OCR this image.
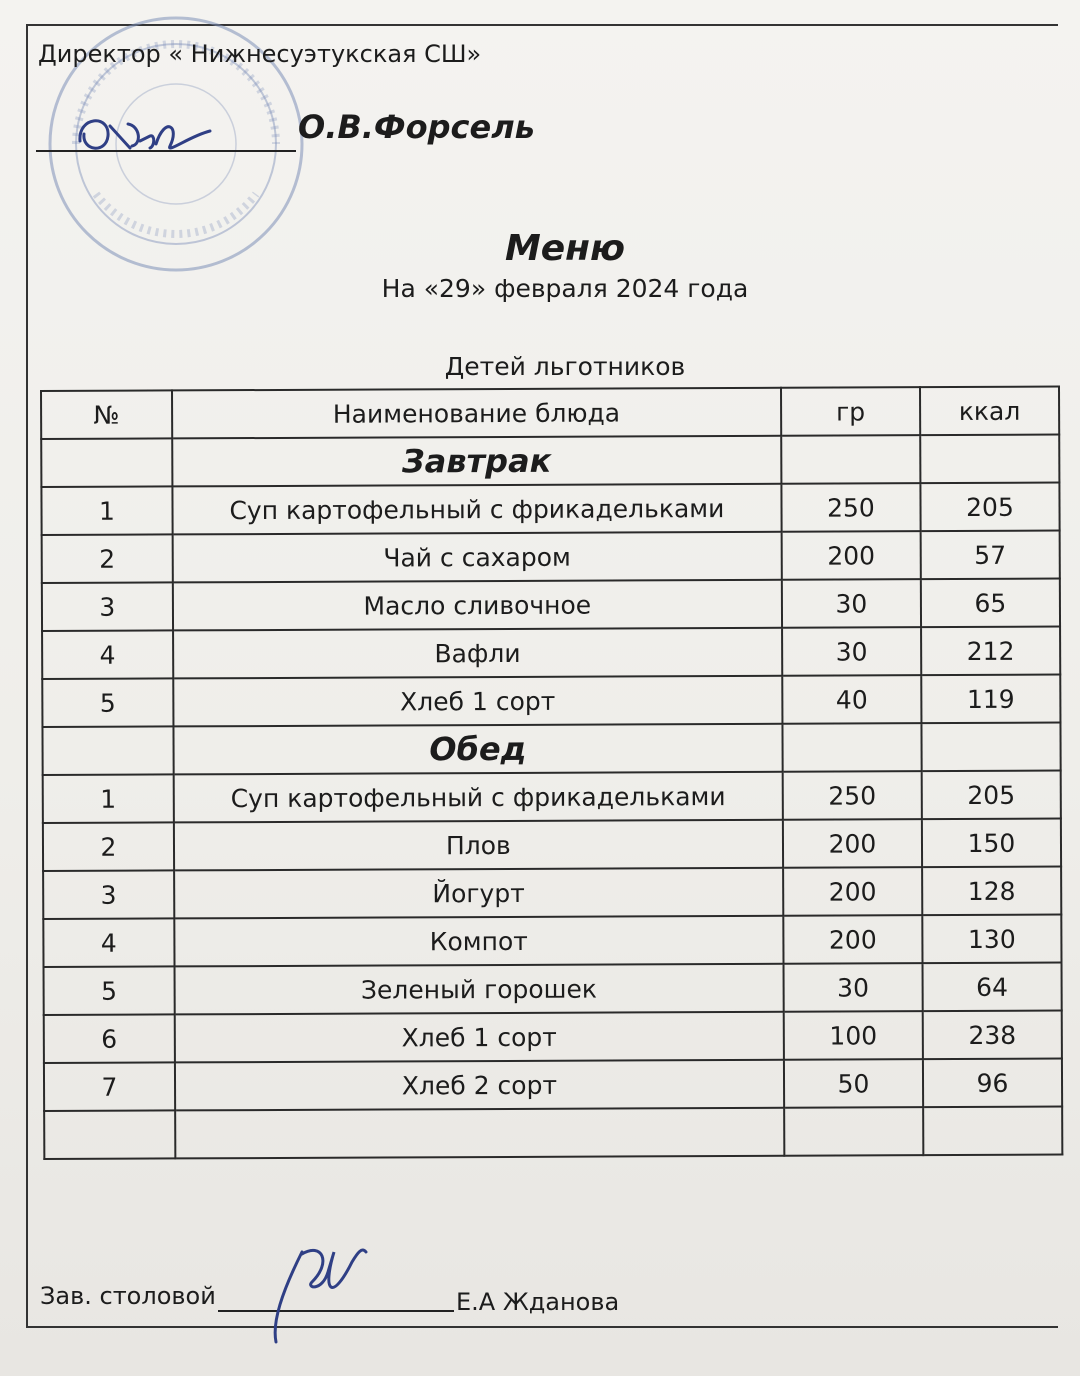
Директор « Нижнесуэтукская СШ»
О.В.Форсель
Меню
На «29» февраля 2024 года
Детей льготников
№	Наименование блюда	гр	ккал
	Завтрак		
1	Суп картофельный с фрикадельками	250	205
2	Чай с сахаром	200	57
3	Масло сливочное	30	65
4	Вафли	30	212
5	Хлеб 1 сорт	40	119
	Обед		
1	Суп картофельный с фрикадельками	250	205
2	Плов	200	150
3	Йогурт	200	128
4	Компот	200	130
5	Зеленый горошек	30	64
6	Хлеб 1 сорт	100	238
7	Хлеб 2 сорт	50	96

Зав. столовой	Е.А Жданова
